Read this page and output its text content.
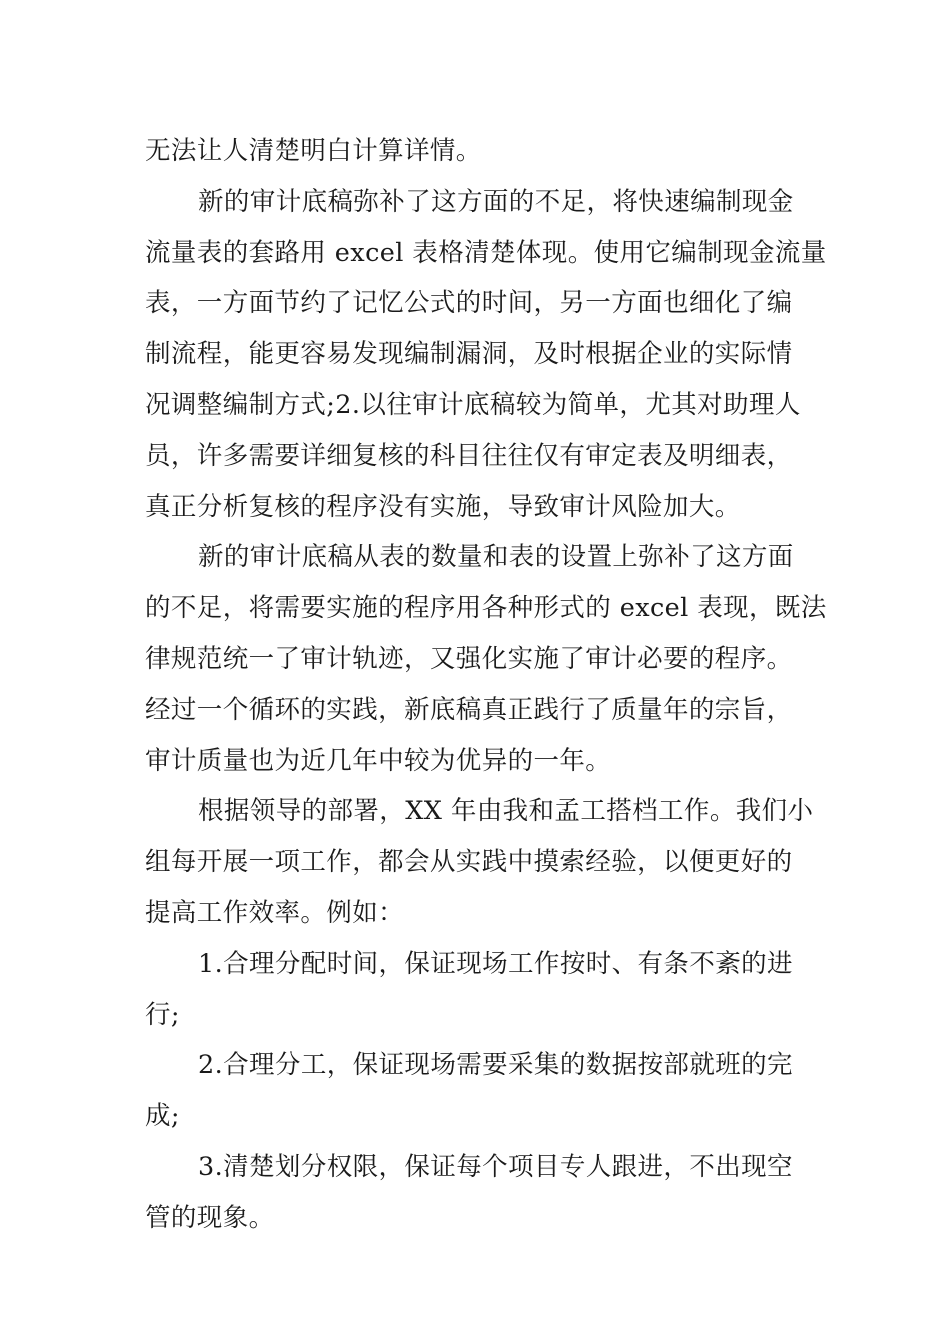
无法让人清楚明白计算详情。
新的审计底稿弥补了这方面的不足，将快速编制现金
流量表的套路用 excel 表格清楚体现。使用它编制现金流量
表，一方面节约了记忆公式的时间，另一方面也细化了编
制流程，能更容易发现编制漏洞，及时根据企业的实际情
况调整编制方式;2.以往审计底稿较为简单，尤其对助理人
员，许多需要详细复核的科目往往仅有审定表及明细表，
真正分析复核的程序没有实施，导致审计风险加大。
新的审计底稿从表的数量和表的设置上弥补了这方面
的不足，将需要实施的程序用各种形式的 excel 表现，既法
律规范统一了审计轨迹，又强化实施了审计必要的程序。
经过一个循环的实践，新底稿真正践行了质量年的宗旨，
审计质量也为近几年中较为优异的一年。
根据领导的部署，XX 年由我和孟工搭档工作。我们小
组每开展一项工作，都会从实践中摸索经验，以便更好的
提高工作效率。例如：
1.合理分配时间，保证现场工作按时、有条不紊的进
行;
2.合理分工，保证现场需要采集的数据按部就班的完
成;
3.清楚划分权限，保证每个项目专人跟进，不出现空
管的现象。
